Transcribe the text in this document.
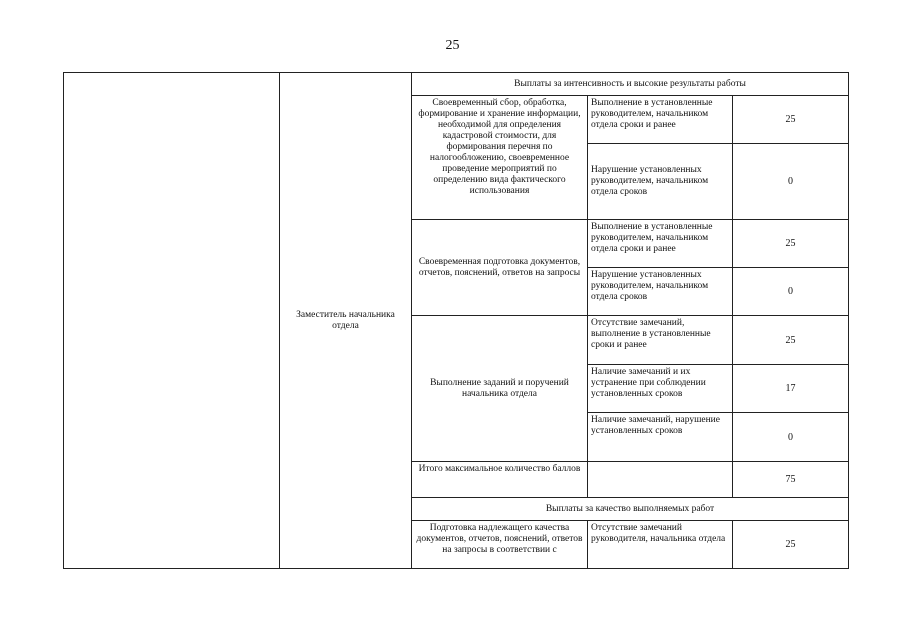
25
	Заместитель начальника отдела	Выплаты за интенсивность и высокие результаты работы		
		Своевременный сбор, обработка, формирование и хранение информации, необходимой для определения кадастровой стоимости, для формирования перечня по налогообложению, своевременное проведение мероприятий по определению вида фактического использования	Выполнение в установленные руководителем, начальником отдела сроки и ранее	25
			Нарушение установленных руководителем, начальником отдела сроков	0
		Своевременная подготовка документов, отчетов, пояснений, ответов на запросы	Выполнение в установленные руководителем, начальником отдела сроки и ранее	25
			Нарушение установленных руководителем, начальником отдела сроков	0
		Выполнение заданий и поручений начальника отдела	Отсутствие замечаний, выполнение в установленные сроки и ранее	25
			Наличие замечаний и их устранение при соблюдении установленных сроков	17
			Наличие замечаний, нарушение установленных сроков	0
		Итого максимальное количество баллов		75
		Выплаты за качество выполняемых работ		
		Подготовка надлежащего качества документов, отчетов, пояснений, ответов на запросы в соответствии с	Отсутствие замечаний руководителя, начальника отдела	25
